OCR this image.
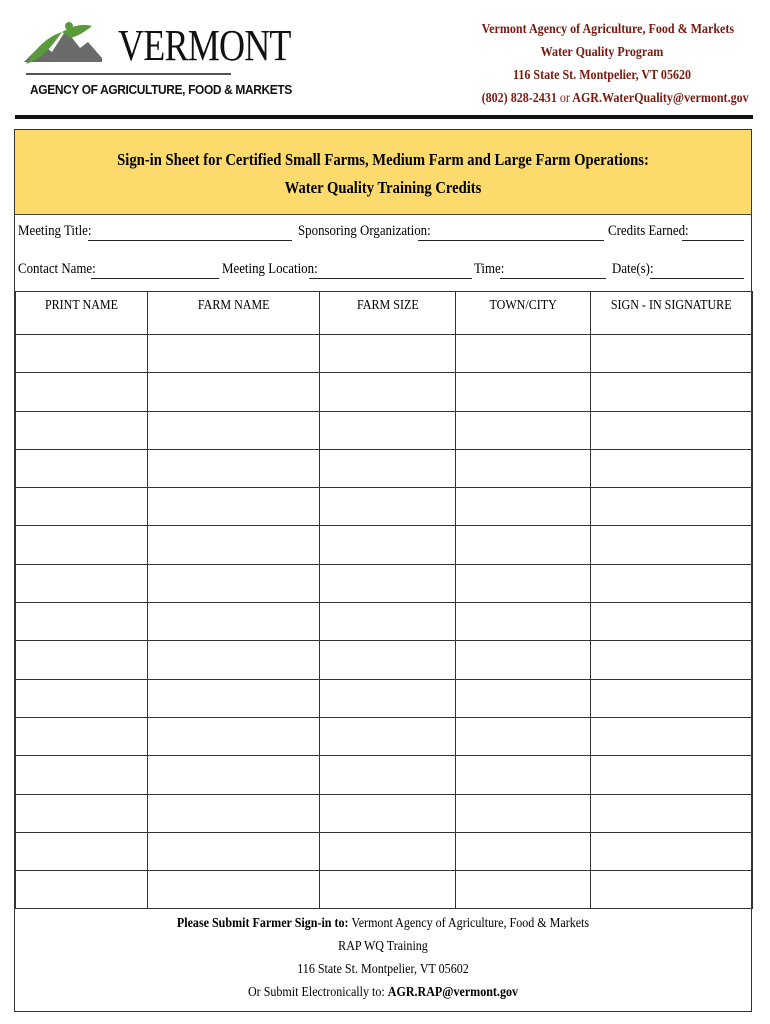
VERMONT
AGENCY OF AGRICULTURE, FOOD & MARKETS
Vermont Agency of Agriculture, Food & Markets
Water Quality Program
116 State St. Montpelier, VT 05620
(802) 828-2431 or AGR.WaterQuality@vermont.gov
Sign-in Sheet for Certified Small Farms, Medium Farm and Large Farm Operations:
Water Quality Training Credits
Meeting Title:	Sponsoring Organization:	Credits Earned:
Contact Name:	Meeting Location:	Time:	Date(s):
PRINT NAME	FARM NAME	FARM SIZE	TOWN/CITY	SIGN - IN SIGNATURE

Please Submit Farmer Sign-in to: Vermont Agency of Agriculture, Food & Markets
RAP WQ Training
116 State St. Montpelier, VT 05602
Or Submit Electronically to: AGR.RAP@vermont.gov
